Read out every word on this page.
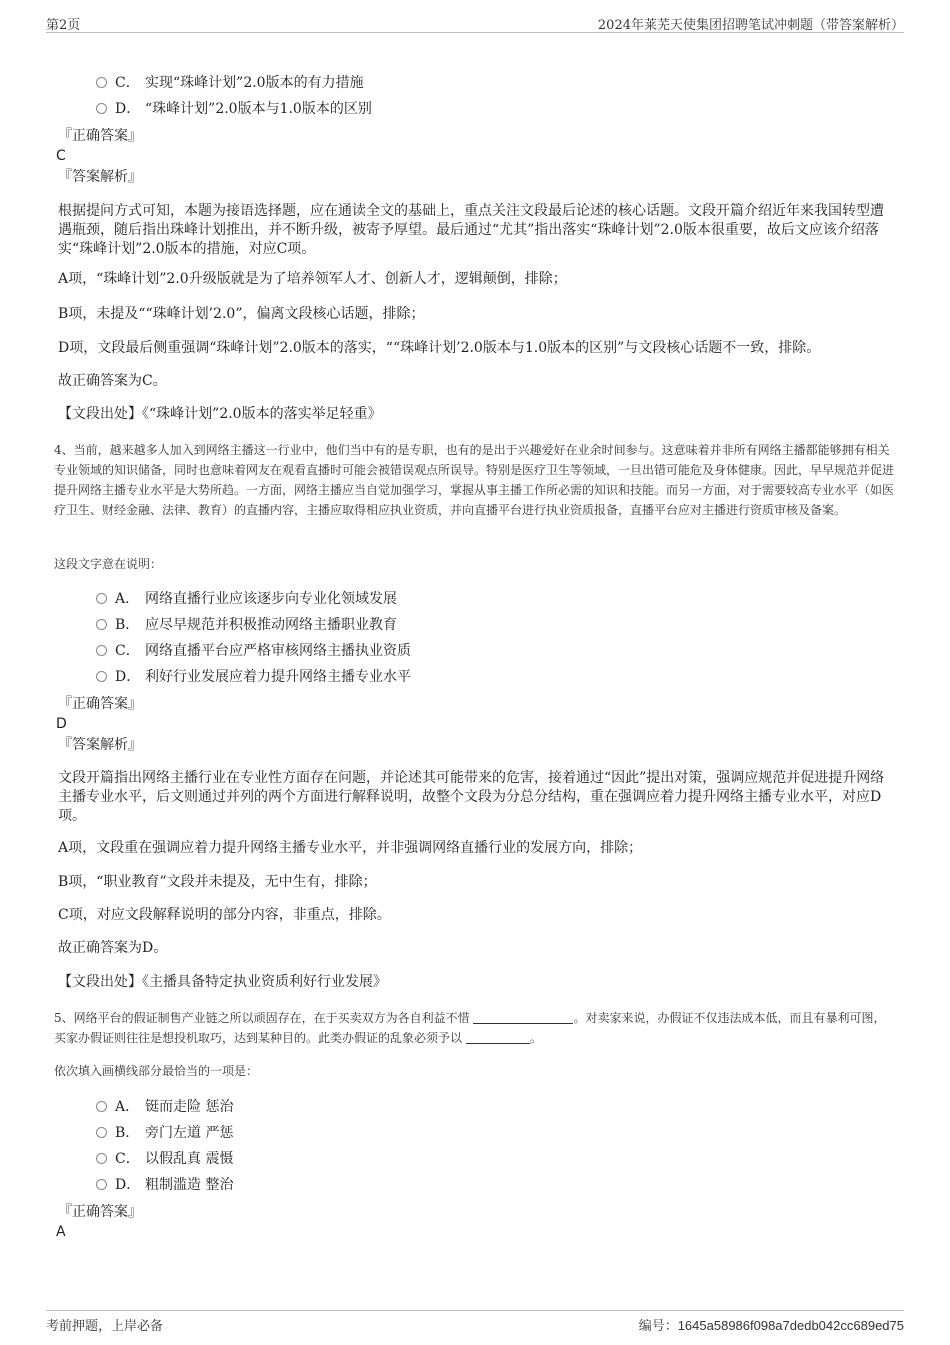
第2页	2024年莱芜天使集团招聘笔试冲刺题（带答案解析）
C． 实现“珠峰计划”2.0版本的有力措施
D． “珠峰计划”2.0版本与1.0版本的区别
『正确答案』
C
『答案解析』
根据提问方式可知，本题为接语选择题，应在通读全文的基础上，重点关注文段最后论述的核心话题。文段开篇介绍近年来我国转型遭遇瓶颈，随后指出珠峰计划推出，并不断升级，被寄予厚望。最后通过“尤其”指出落实“珠峰计划”2.0版本很重要，故后文应该介绍落实“珠峰计划”2.0版本的措施，对应C项。
A项，“珠峰计划”2.0升级版就是为了培养领军人才、创新人才，逻辑颠倒，排除；
B项，未提及““珠峰计划’2.0”，偏离文段核心话题，排除；
D项，文段最后侧重强调“珠峰计划”2.0版本的落实，““珠峰计划’2.0版本与1.0版本的区别”与文段核心话题不一致，排除。
故正确答案为C。
【文段出处】《“珠峰计划”2.0版本的落实举足轻重》
4、当前，越来越多人加入到网络主播这一行业中，他们当中有的是专职，也有的是出于兴趣爱好在业余时间参与。这意味着并非所有网络主播都能够拥有相关专业领域的知识储备，同时也意味着网友在观看直播时可能会被错误观点所误导。特别是医疗卫生等领域，一旦出错可能危及身体健康。因此，早早规范并促进提升网络主播专业水平是大势所趋。一方面，网络主播应当自觉加强学习，掌握从事主播工作所必需的知识和技能。而另一方面，对于需要较高专业水平（如医疗卫生、财经金融、法律、教育）的直播内容，主播应取得相应执业资质，并向直播平台进行执业资质报备，直播平台应对主播进行资质审核及备案。
这段文字意在说明：
A． 网络直播行业应该逐步向专业化领域发展
B． 应尽早规范并积极推动网络主播职业教育
C． 网络直播平台应严格审核网络主播执业资质
D． 利好行业发展应着力提升网络主播专业水平
『正确答案』
D
『答案解析』
文段开篇指出网络主播行业在专业性方面存在问题，并论述其可能带来的危害，接着通过“因此”提出对策，强调应规范并促进提升网络主播专业水平，后文则通过并列的两个方面进行解释说明，故整个文段为分总分结构，重在强调应着力提升网络主播专业水平，对应D项。
A项，文段重在强调应着力提升网络主播专业水平，并非强调网络直播行业的发展方向，排除；
B项，“职业教育”文段并未提及，无中生有，排除；
C项，对应文段解释说明的部分内容，非重点，排除。
故正确答案为D。
【文段出处】《主播具备特定执业资质利好行业发展》
5、网络平台的假证制售产业链之所以顽固存在，在于买卖双方为各自利益不惜	。对卖家来说，办假证不仅违法成本低，而且有暴利可图，买家办假证则往往是想投机取巧，达到某种目的。此类办假证的乱象必须予以	。
依次填入画横线部分最恰当的一项是：
A． 铤而走险 惩治
B． 旁门左道 严惩
C． 以假乱真 震慑
D． 粗制滥造 整治
『正确答案』
A
考前押题，上岸必备	编号：1645a58986f098a7dedb042cc689ed75
